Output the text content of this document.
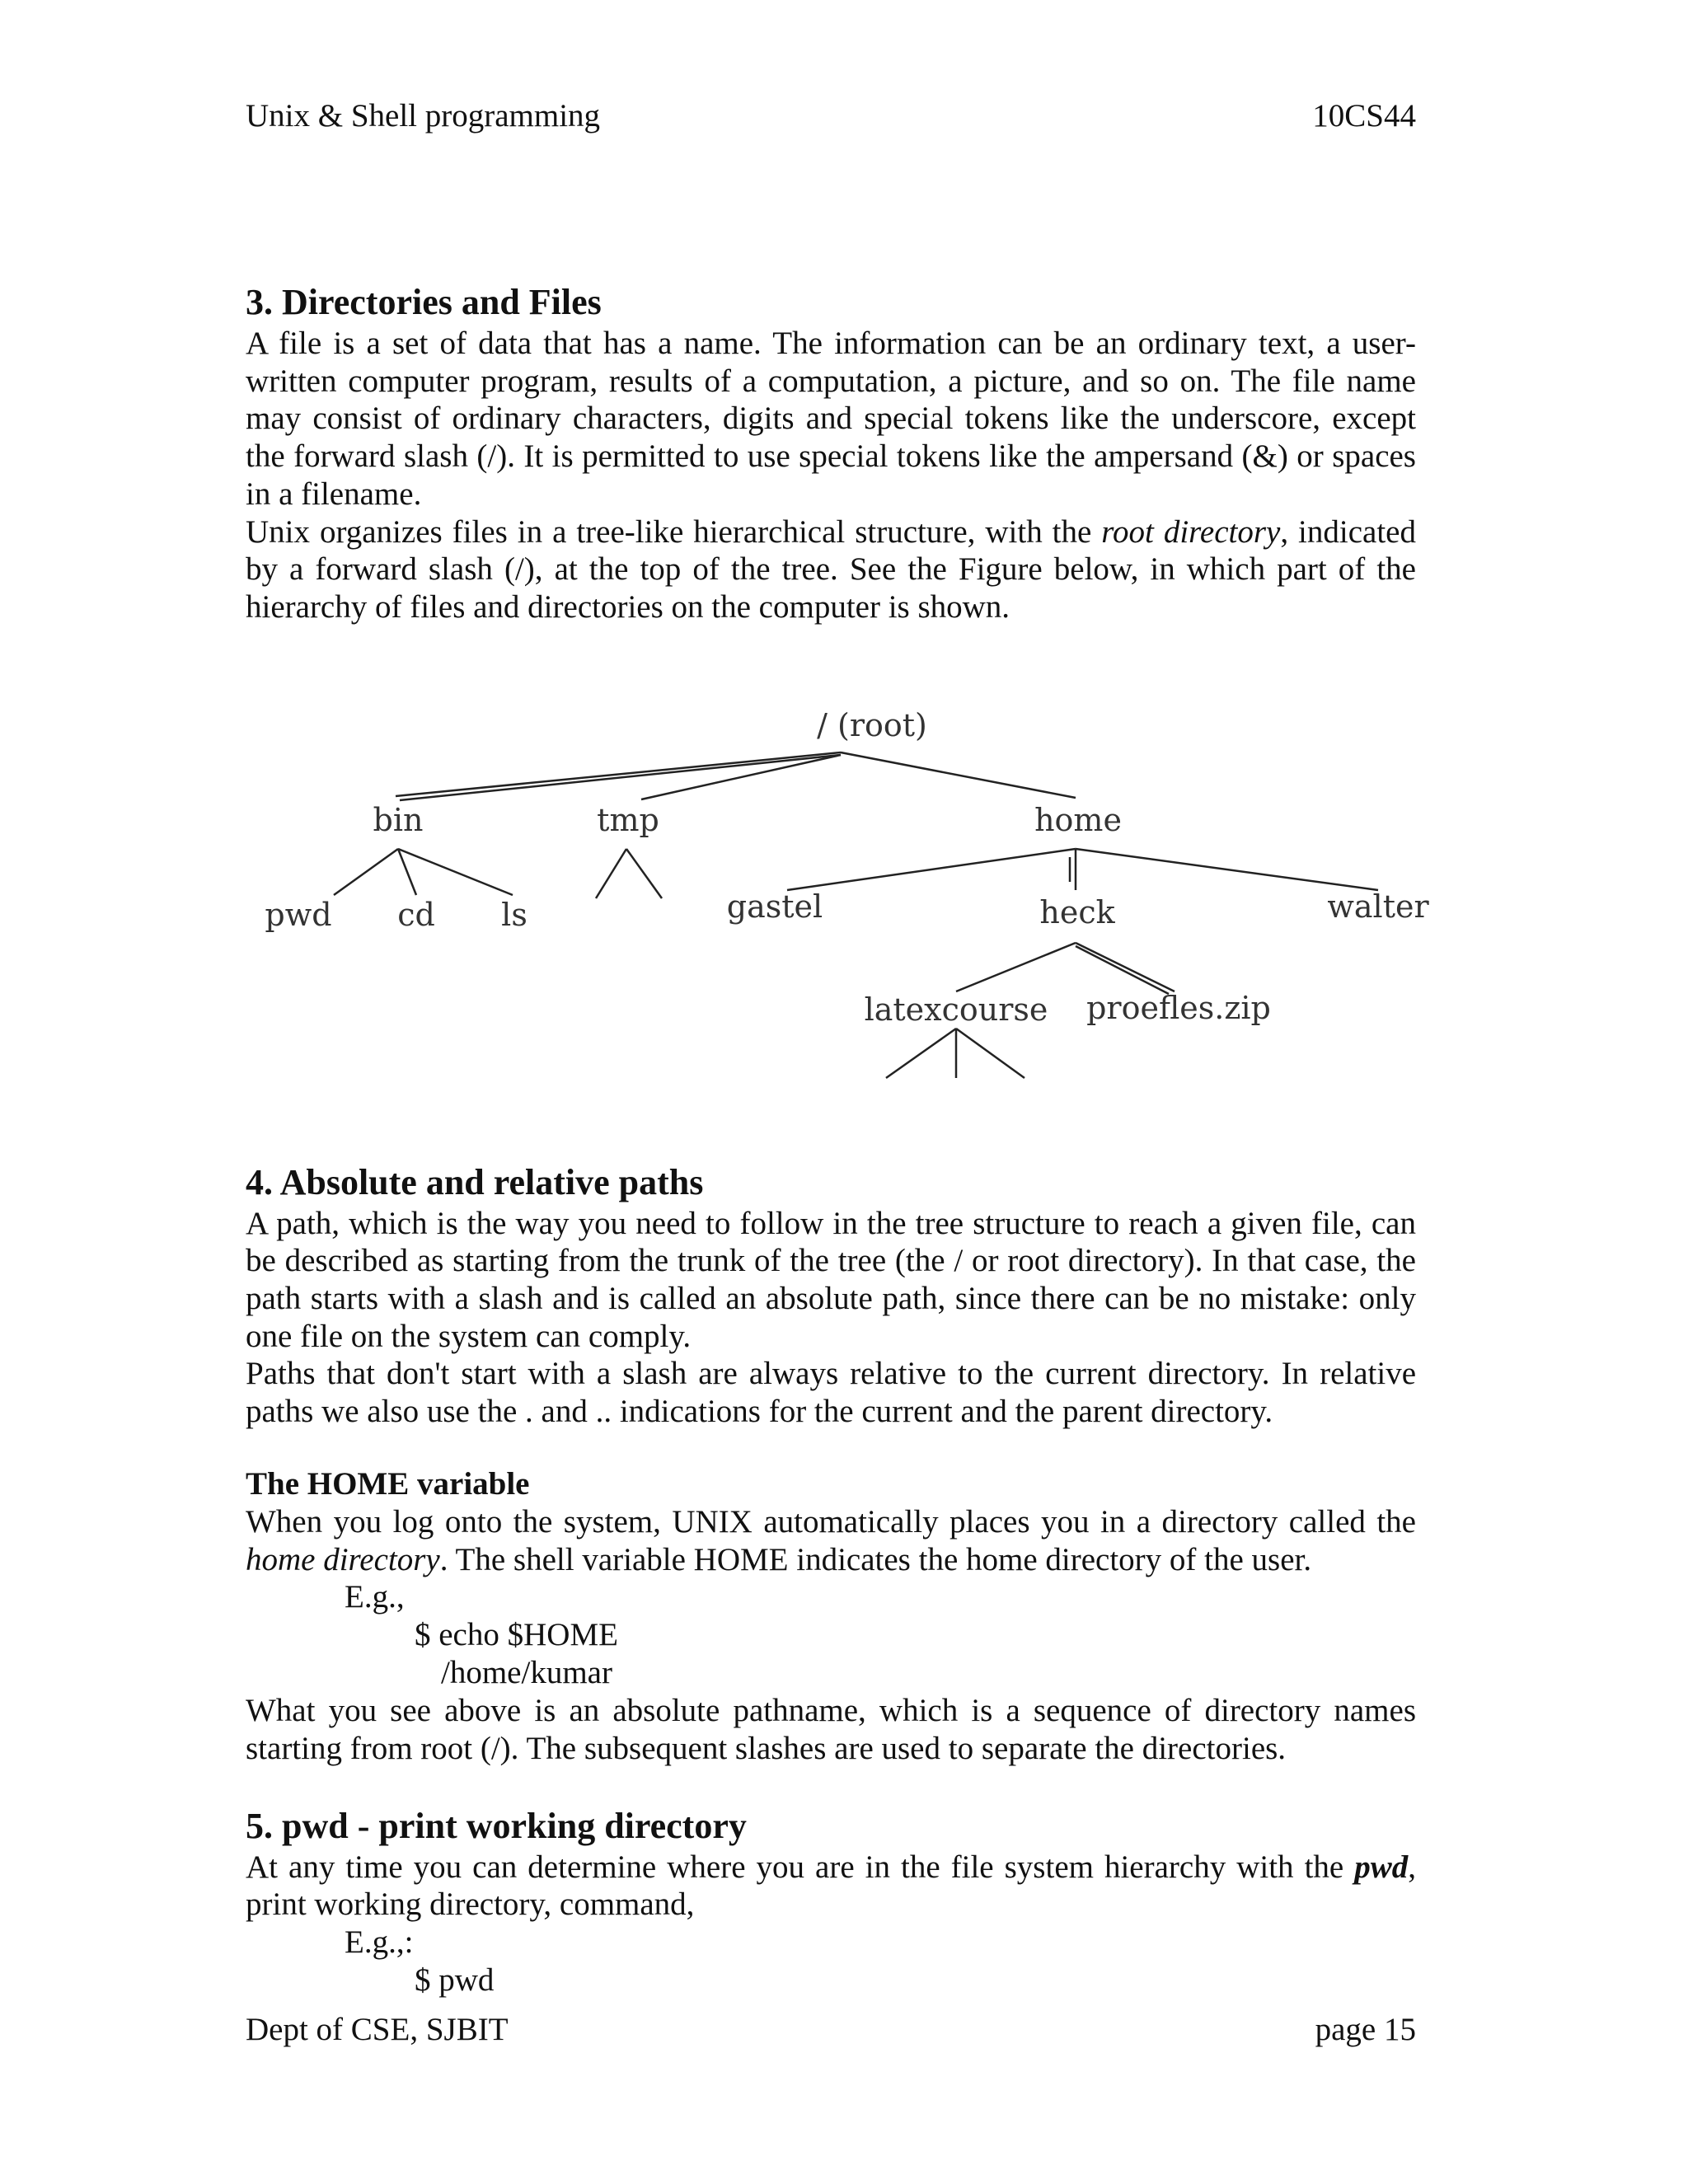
Unix & Shell programming	10CS44
3. Directories and Files

A file is a set of data that has a name. The information can be an ordinary text, a user-written computer program, results of a computation, a picture, and so on. The file name may consist of ordinary characters, digits and special tokens like the underscore, except the forward slash (/). It is permitted to use special tokens like the ampersand (&) or spaces in a filename.

Unix organizes files in a tree-like hierarchical structure, with the root directory, indicated by a forward slash (/), at the top of the tree. See the Figure below, in which part of the hierarchy of files and directories on the computer is shown.

/ (root)
bin	tmp	home
pwd cd ls	gastel	heck	walter
latexcourse proefles.zip
4. Absolute and relative paths

A path, which is the way you need to follow in the tree structure to reach a given file, can be described as starting from the trunk of the tree (the / or root directory). In that case, the path starts with a slash and is called an absolute path, since there can be no mistake: only one file on the system can comply.

Paths that don't start with a slash are always relative to the current directory. In relative paths we also use the . and .. indications for the current and the parent directory.

The HOME variable

When you log onto the system, UNIX automatically places you in a directory called the home directory. The shell variable HOME indicates the home directory of the user.

E.g.,
$ echo $HOME
/home/kumar

What you see above is an absolute pathname, which is a sequence of directory names starting from root (/). The subsequent slashes are used to separate the directories.

5. pwd - print working directory

At any time you can determine where you are in the file system hierarchy with the pwd, print working directory, command,

E.g.,:
$ pwd
Dept of CSE, SJBIT	page 15
